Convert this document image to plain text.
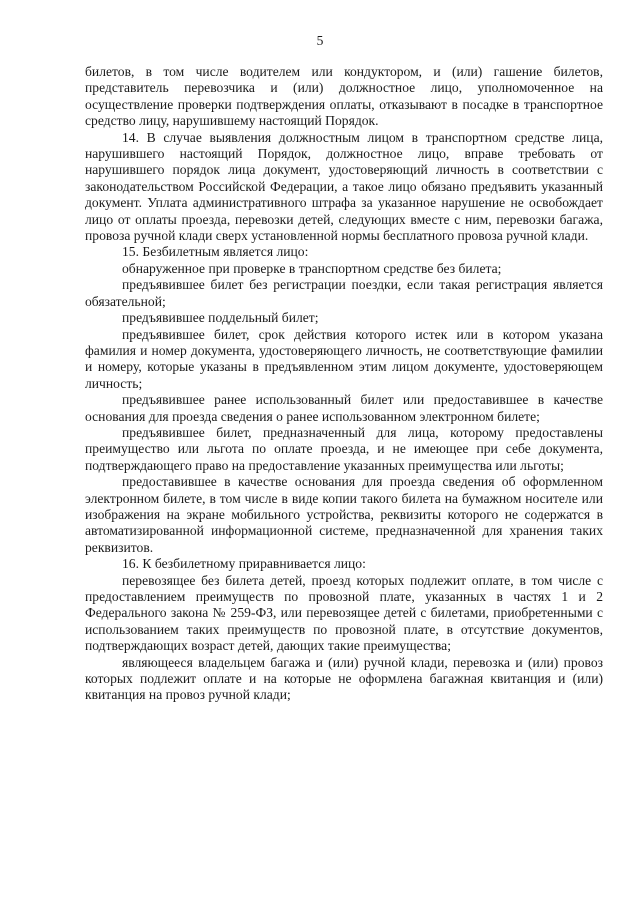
5

билетов, в том числе водителем или кондуктором, и (или) гашение билетов, представитель перевозчика и (или) должностное лицо, уполномоченное на осуществление проверки подтверждения оплаты, отказывают в посадке в транспортное средство лицу, нарушившему настоящий Порядок.

14. В случае выявления должностным лицом в транспортном средстве лица, нарушившего настоящий Порядок, должностное лицо, вправе требовать от нарушившего порядок лица документ, удостоверяющий личность в соответствии с законодательством Российской Федерации, а такое лицо обязано предъявить указанный документ. Уплата административного штрафа за указанное нарушение не освобождает лицо от оплаты проезда, перевозки детей, следующих вместе с ним, перевозки багажа, провоза ручной клади сверх установленной нормы бесплатного провоза ручной клади.

15. Безбилетным является лицо:

обнаруженное при проверке в транспортном средстве без билета;

предъявившее билет без регистрации поездки, если такая регистрация является обязательной;

предъявившее поддельный билет;

предъявившее билет, срок действия которого истек или в котором указана фамилия и номер документа, удостоверяющего личность, не соответствующие фамилии и номеру, которые указаны в предъявленном этим лицом документе, удостоверяющем личность;

предъявившее ранее использованный билет или предоставившее в качестве основания для проезда сведения о ранее использованном электронном билете;

предъявившее билет, предназначенный для лица, которому предоставлены преимущество или льгота по оплате проезда, и не имеющее при себе документа, подтверждающего право на предоставление указанных преимущества или льготы;

предоставившее в качестве основания для проезда сведения об оформленном электронном билете, в том числе в виде копии такого билета на бумажном носителе или изображения на экране мобильного устройства, реквизиты которого не содержатся в автоматизированной информационной системе, предназначенной для хранения таких реквизитов.

16. К безбилетному приравнивается лицо:

перевозящее без билета детей, проезд которых подлежит оплате, в том числе с предоставлением преимуществ по провозной плате, указанных в частях 1 и 2 Федерального закона № 259-ФЗ, или перевозящее детей с билетами, приобретенными с использованием таких преимуществ по провозной плате, в отсутствие документов, подтверждающих возраст детей, дающих такие преимущества;

являющееся владельцем багажа и (или) ручной клади, перевозка и (или) провоз которых подлежит оплате и на которые не оформлена багажная квитанция и (или) квитанция на провоз ручной клади;
